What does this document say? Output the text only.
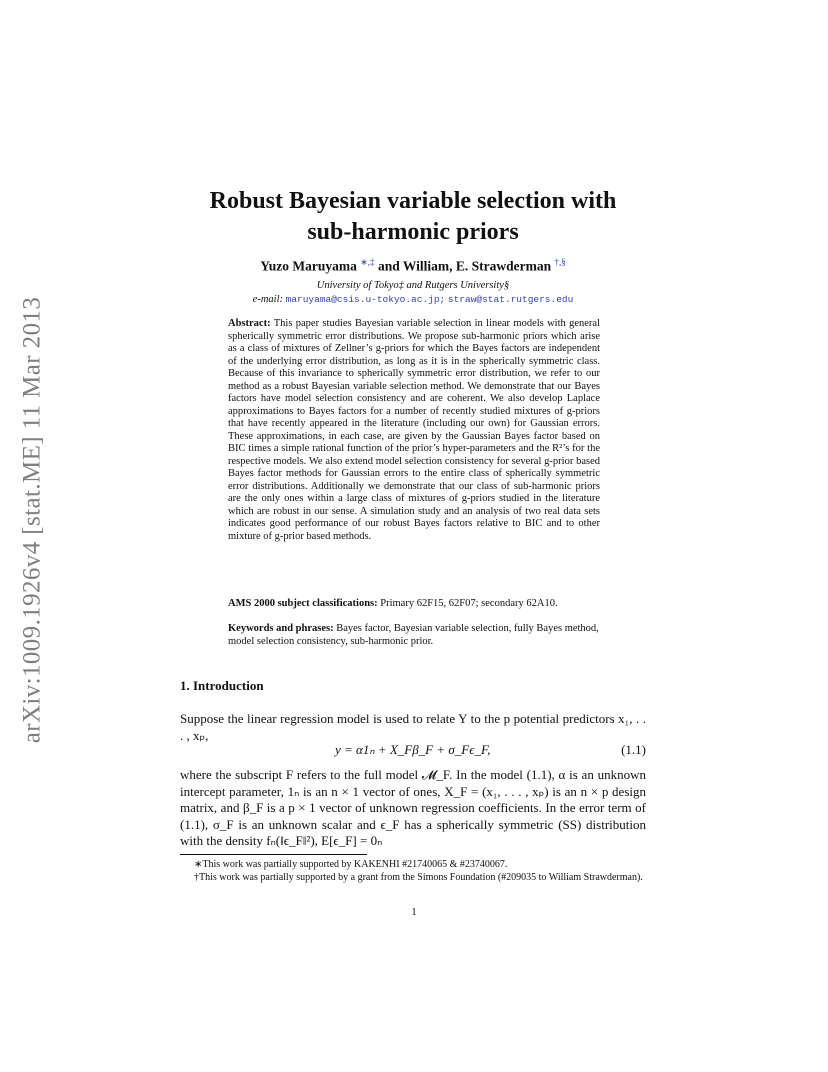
arXiv:1009.1926v4 [stat.ME] 11 Mar 2013
Robust Bayesian variable selection with
sub-harmonic priors
Yuzo Maruyama ∗,‡ and William, E. Strawderman †,§
University of Tokyo‡ and Rutgers University§
e-mail: maruyama@csis.u-tokyo.ac.jp; straw@stat.rutgers.edu
Abstract: This paper studies Bayesian variable selection in linear models with general spherically symmetric error distributions. We propose sub-harmonic priors which arise as a class of mixtures of Zellner’s g-priors for which the Bayes factors are independent of the underlying error distribution, as long as it is in the spherically symmetric class. Because of this invariance to spherically symmetric error distribution, we refer to our method as a robust Bayesian variable selection method. We demonstrate that our Bayes factors have model selection consistency and are coherent. We also develop Laplace approximations to Bayes factors for a number of recently studied mixtures of g-priors that have recently appeared in the literature (including our own) for Gaussian errors. These approximations, in each case, are given by the Gaussian Bayes factor based on BIC times a simple rational function of the prior’s hyper-parameters and the R²’s for the respective models. We also extend model selection consistency for several g-prior based Bayes factor methods for Gaussian errors to the entire class of spherically symmetric error distributions. Additionally we demonstrate that our class of sub-harmonic priors are the only ones within a large class of mixtures of g-priors studied in the literature which are robust in our sense. A simulation study and an analysis of two real data sets indicates good performance of our robust Bayes factors relative to BIC and to other mixture of g-prior based methods.
AMS 2000 subject classifications: Primary 62F15, 62F07; secondary 62A10.
Keywords and phrases: Bayes factor, Bayesian variable selection, fully Bayes method, model selection consistency, sub-harmonic prior.
1. Introduction
Suppose the linear regression model is used to relate Y to the p potential predictors x₁, . . . , xₚ,
y = α1ₙ + X_Fβ_F + σ_Fϵ_F,	(1.1)
where the subscript F refers to the full model 𝓜_F. In the model (1.1), α is an unknown intercept parameter, 1ₙ is an n × 1 vector of ones, X_F = (x₁, . . . , xₚ) is an n × p design matrix, and β_F is a p × 1 vector of unknown regression coefficients. In the error term of (1.1), σ_F is an unknown scalar and ϵ_F has a spherically symmetric (SS) distribution with the density fₙ(‖ϵ_F‖²), E[ϵ_F] = 0ₙ
∗This work was partially supported by KAKENHI #21740065 & #23740067.
†This work was partially supported by a grant from the Simons Foundation (#209035 to William Strawderman).
1
